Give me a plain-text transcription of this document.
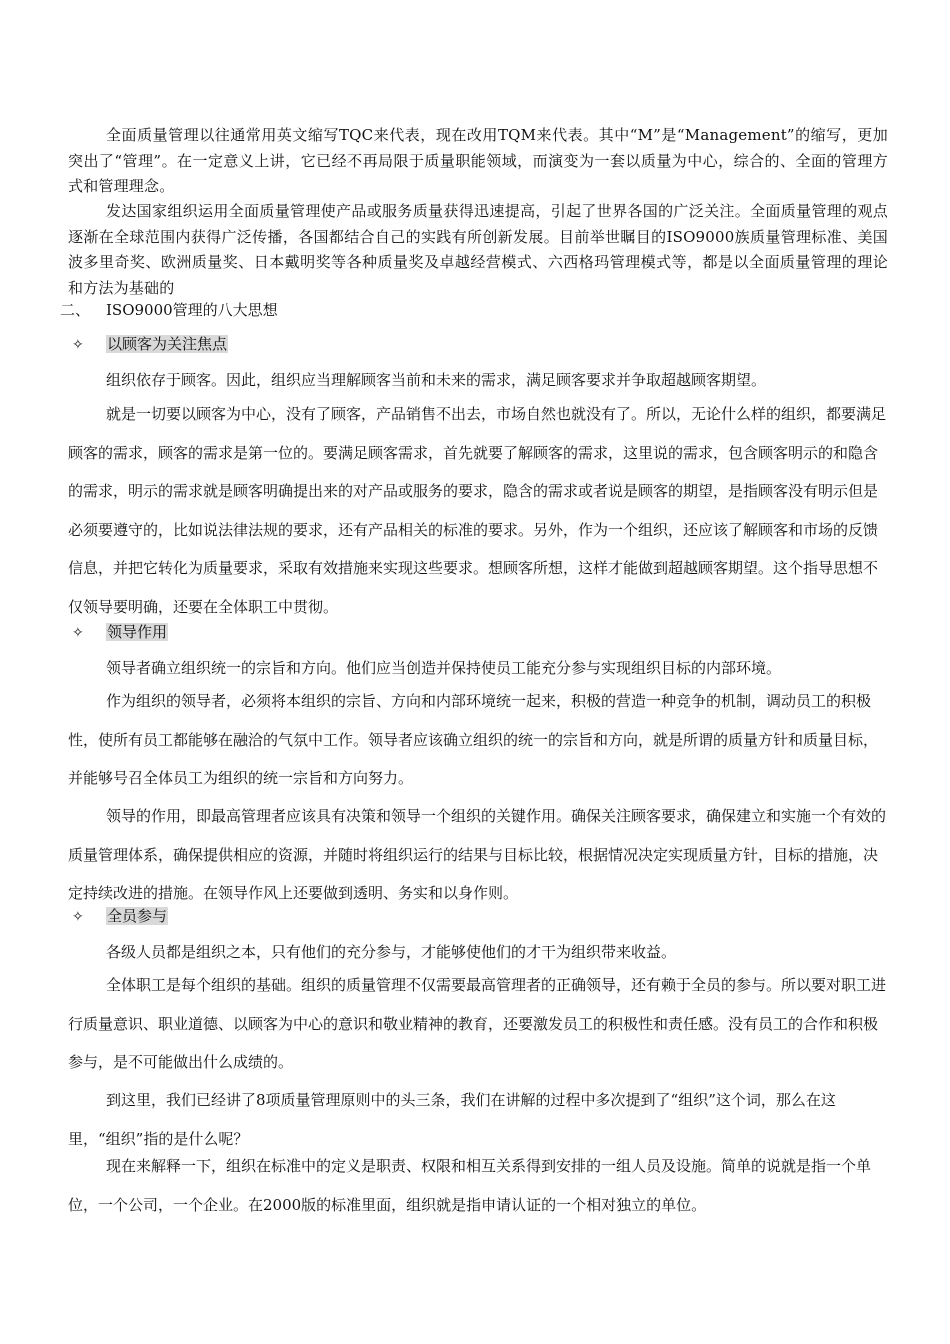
全面质量管理以往通常用英文缩写TQC来代表，现在改用TQM来代表。其中“M”是“Management”的缩写，更加突出了“管理”。在一定意义上讲，它已经不再局限于质量职能领域，而演变为一套以质量为中心，综合的、全面的管理方式和管理理念。

发达国家组织运用全面质量管理使产品或服务质量获得迅速提高，引起了世界各国的广泛关注。全面质量管理的观点逐渐在全球范围内获得广泛传播，各国都结合自己的实践有所创新发展。目前举世瞩目的ISO9000族质量管理标准、美国波多里奇奖、欧洲质量奖、日本戴明奖等各种质量奖及卓越经营模式、六西格玛管理模式等，都是以全面质量管理的理论和方法为基础的

二、 ISO9000管理的八大思想
✧ 以顾客为关注焦点

组织依存于顾客。因此，组织应当理解顾客当前和未来的需求，满足顾客要求并争取超越顾客期望。

就是一切要以顾客为中心，没有了顾客，产品销售不出去，市场自然也就没有了。所以，无论什么样的组织，都要满足顾客的需求，顾客的需求是第一位的。要满足顾客需求，首先就要了解顾客的需求，这里说的需求，包含顾客明示的和隐含的需求，明示的需求就是顾客明确提出来的对产品或服务的要求，隐含的需求或者说是顾客的期望，是指顾客没有明示但是必须要遵守的，比如说法律法规的要求，还有产品相关的标准的要求。另外，作为一个组织，还应该了解顾客和市场的反馈信息，并把它转化为质量要求，采取有效措施来实现这些要求。想顾客所想，这样才能做到超越顾客期望。这个指导思想不仅领导要明确，还要在全体职工中贯彻。

✧ 领导作用

领导者确立组织统一的宗旨和方向。他们应当创造并保持使员工能充分参与实现组织目标的内部环境。

作为组织的领导者，必须将本组织的宗旨、方向和内部环境统一起来，积极的营造一种竞争的机制，调动员工的积极性，使所有员工都能够在融洽的气氛中工作。领导者应该确立组织的统一的宗旨和方向，就是所谓的质量方针和质量目标，并能够号召全体员工为组织的统一宗旨和方向努力。

领导的作用，即最高管理者应该具有决策和领导一个组织的关键作用。确保关注顾客要求，确保建立和实施一个有效的质量管理体系，确保提供相应的资源，并随时将组织运行的结果与目标比较，根据情况决定实现质量方针，目标的措施，决定持续改进的措施。在领导作风上还要做到透明、务实和以身作则。

✧ 全员参与

各级人员都是组织之本，只有他们的充分参与，才能够使他们的才干为组织带来收益。

全体职工是每个组织的基础。组织的质量管理不仅需要最高管理者的正确领导，还有赖于全员的参与。所以要对职工进行质量意识、职业道德、以顾客为中心的意识和敬业精神的教育，还要激发员工的积极性和责任感。没有员工的合作和积极参与，是不可能做出什么成绩的。

到这里，我们已经讲了8项质量管理原则中的头三条，我们在讲解的过程中多次提到了“组织”这个词，那么在这里，“组织”指的是什么呢？

现在来解释一下，组织在标准中的定义是职责、权限和相互关系得到安排的一组人员及设施。简单的说就是指一个单位，一个公司，一个企业。在2000版的标准里面，组织就是指申请认证的一个相对独立的单位。
